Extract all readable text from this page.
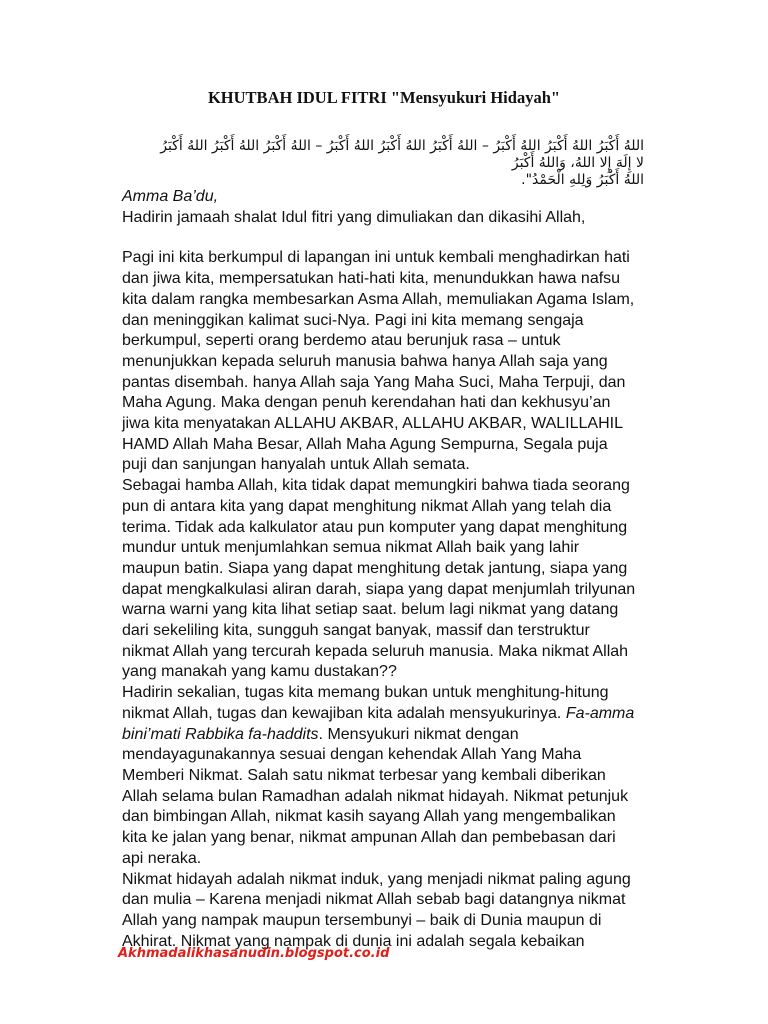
KHUTBAH IDUL FITRI "Mensyukuri Hidayah"
اللهُ أَكْبَرُ اللهُ أَكْبَرُ اللهُ أَكْبَرُ – اللهُ أَكْبَرُ اللهُ أَكْبَرُ اللهُ أَكْبَرُ – اللهُ أَكْبَرُ اللهُ أَكْبَرُ اللهُ أَكْبَرُ
لا إِلَهَ إِلا اللهُ، وَاللهُ أَكْبَرُ
اللهُ أَكْبَرُ وَلِلهِ الْحَمْدُ".

Amma Ba’du,

Hadirin jamaah shalat Idul fitri yang dimuliakan dan dikasihi Allah,

Pagi ini kita berkumpul di lapangan ini untuk kembali menghadirkan hati
dan jiwa kita, mempersatukan hati-hati kita, menundukkan hawa nafsu
kita dalam rangka membesarkan Asma Allah, memuliakan Agama Islam,
dan meninggikan kalimat suci-Nya. Pagi ini kita memang sengaja
berkumpul, seperti orang berdemo atau berunjuk rasa – untuk
menunjukkan kepada seluruh manusia bahwa hanya Allah saja yang
pantas disembah. hanya Allah saja Yang Maha Suci, Maha Terpuji, dan
Maha Agung. Maka dengan penuh kerendahan hati dan kekhusyu’an
jiwa kita menyatakan ALLAHU AKBAR, ALLAHU AKBAR, WALILLAHIL
HAMD Allah Maha Besar, Allah Maha Agung Sempurna, Segala puja
puji dan sanjungan hanyalah untuk Allah semata.

Sebagai hamba Allah, kita tidak dapat memungkiri bahwa tiada seorang
pun di antara kita yang dapat menghitung nikmat Allah yang telah dia
terima. Tidak ada kalkulator atau pun komputer yang dapat menghitung
mundur untuk menjumlahkan semua nikmat Allah baik yang lahir
maupun batin. Siapa yang dapat menghitung detak jantung, siapa yang
dapat mengkalkulasi aliran darah, siapa yang dapat menjumlah trilyunan
warna warni yang kita lihat setiap saat. belum lagi nikmat yang datang
dari sekeliling kita, sungguh sangat banyak, massif dan terstruktur
nikmat Allah yang tercurah kepada seluruh manusia. Maka nikmat Allah
yang manakah yang kamu dustakan??

Hadirin sekalian, tugas kita memang bukan untuk menghitung-hitung
nikmat Allah, tugas dan kewajiban kita adalah mensyukurinya. Fa-amma
bini’mati Rabbika fa-haddits. Mensyukuri nikmat dengan
mendayagunakannya sesuai dengan kehendak Allah Yang Maha
Memberi Nikmat. Salah satu nikmat terbesar yang kembali diberikan
Allah selama bulan Ramadhan adalah nikmat hidayah. Nikmat petunjuk
dan bimbingan Allah, nikmat kasih sayang Allah yang mengembalikan
kita ke jalan yang benar, nikmat ampunan Allah dan pembebasan dari
api neraka.

Nikmat hidayah adalah nikmat induk, yang menjadi nikmat paling agung
dan mulia – Karena menjadi nikmat Allah sebab bagi datangnya nikmat
Allah yang nampak maupun tersembunyi – baik di Dunia maupun di
Akhirat. Nikmat yang nampak di dunia ini adalah segala kebaikan

Akhmadalikhasanudin.blogspot.co.id
